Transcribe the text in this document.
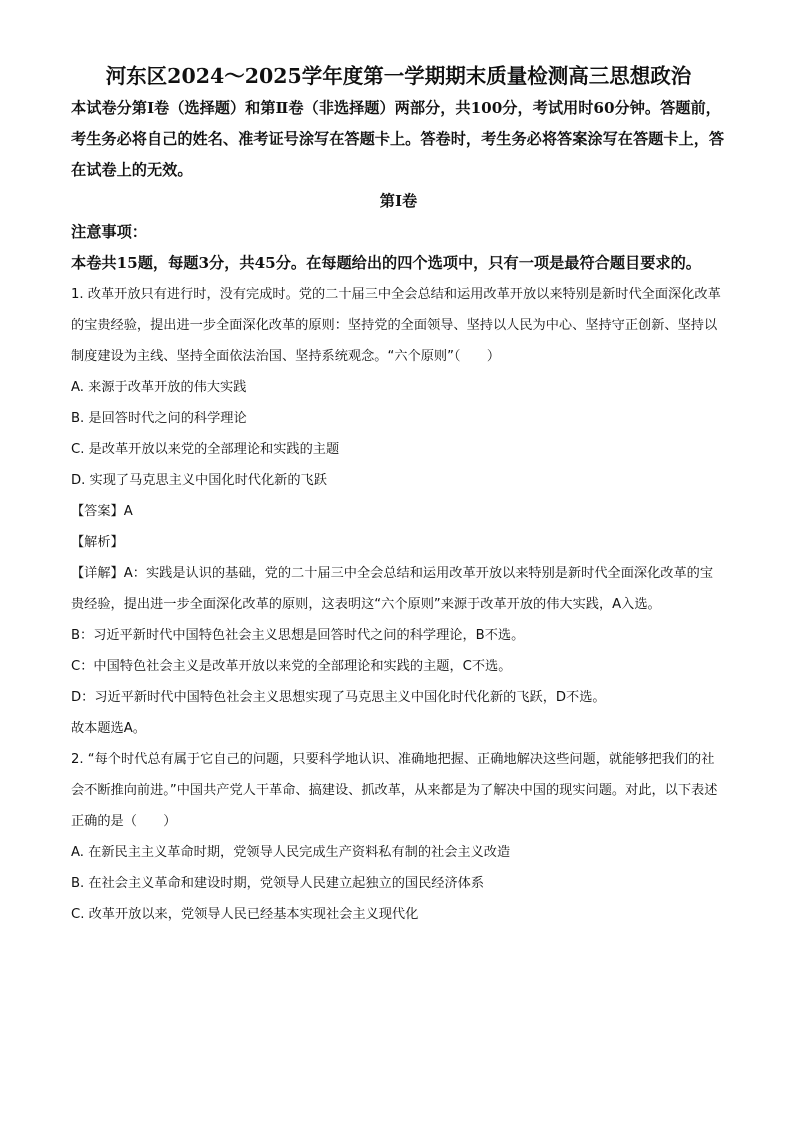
河东区2024～2025学年度第一学期期末质量检测高三思想政治

本试卷分第Ⅰ卷（选择题）和第Ⅱ卷（非选择题）两部分，共100分，考试用时60分钟。答题前，考生务必将自己的姓名、准考证号涂写在答题卡上。答卷时，考生务必将答案涂写在答题卡上，答在试卷上的无效。

第Ⅰ卷

注意事项：

本卷共15题，每题3分，共45分。在每题给出的四个选项中，只有一项是最符合题目要求的。

1. 改革开放只有进行时，没有完成时。党的二十届三中全会总结和运用改革开放以来特别是新时代全面深化改革的宝贵经验，提出进一步全面深化改革的原则：坚持党的全面领导、坚持以人民为中心、坚持守正创新、坚持以制度建设为主线、坚持全面依法治国、坚持系统观念。“六个原则”（　　）

A. 来源于改革开放的伟大实践

B. 是回答时代之问的科学理论

C. 是改革开放以来党的全部理论和实践的主题

D. 实现了马克思主义中国化时代化新的飞跃

【答案】A

【解析】

【详解】A：实践是认识的基础，党的二十届三中全会总结和运用改革开放以来特别是新时代全面深化改革的宝贵经验，提出进一步全面深化改革的原则，这表明这“六个原则”来源于改革开放的伟大实践，A入选。

B：习近平新时代中国特色社会主义思想是回答时代之问的科学理论，B不选。

C：中国特色社会主义是改革开放以来党的全部理论和实践的主题，C不选。

D：习近平新时代中国特色社会主义思想实现了马克思主义中国化时代化新的飞跃，D不选。

故本题选A。

2. “每个时代总有属于它自己的问题，只要科学地认识、准确地把握、正确地解决这些问题，就能够把我们的社会不断推向前进。”中国共产党人干革命、搞建设、抓改革，从来都是为了解决中国的现实问题。对此，以下表述正确的是（　　）

A. 在新民主主义革命时期，党领导人民完成生产资料私有制的社会主义改造

B. 在社会主义革命和建设时期，党领导人民建立起独立的国民经济体系

C. 改革开放以来，党领导人民已经基本实现社会主义现代化
